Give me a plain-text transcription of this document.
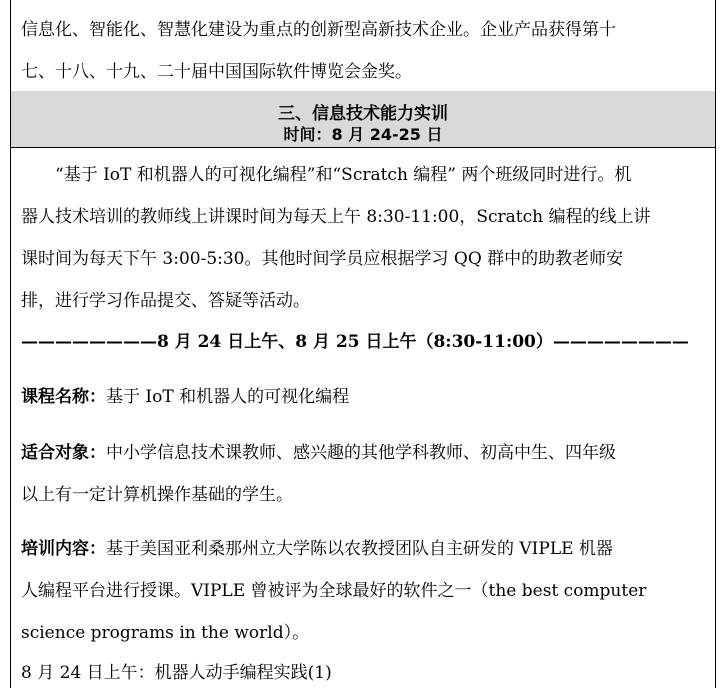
信息化、智能化、智慧化建设为重点的创新型高新技术企业。企业产品获得第十
七、十八、十九、二十届中国国际软件博览会金奖。
三、信息技术能力实训
时间：8 月 24-25 日
　　“基于 IoT 和机器人的可视化编程”和“Scratch 编程” 两个班级同时进行。机
器人技术培训的教师线上讲课时间为每天上午 8:30-11:00，Scratch 编程的线上讲
课时间为每天下午 3:00-5:30。其他时间学员应根据学习 QQ 群中的助教老师安
排，进行学习作品提交、答疑等活动。
————————8 月 24 日上午、8 月 25 日上午（8:30-11:00）————————
课程名称：基于 IoT 和机器人的可视化编程
适合对象：中小学信息技术课教师、感兴趣的其他学科教师、初高中生、四年级
以上有一定计算机操作基础的学生。
培训内容：基于美国亚利桑那州立大学陈以农教授团队自主研发的 VIPLE 机器
人编程平台进行授课。VIPLE 曾被评为全球最好的软件之一（the best computer
science programs in the world）。
8 月 24 日上午：机器人动手编程实践(1)
